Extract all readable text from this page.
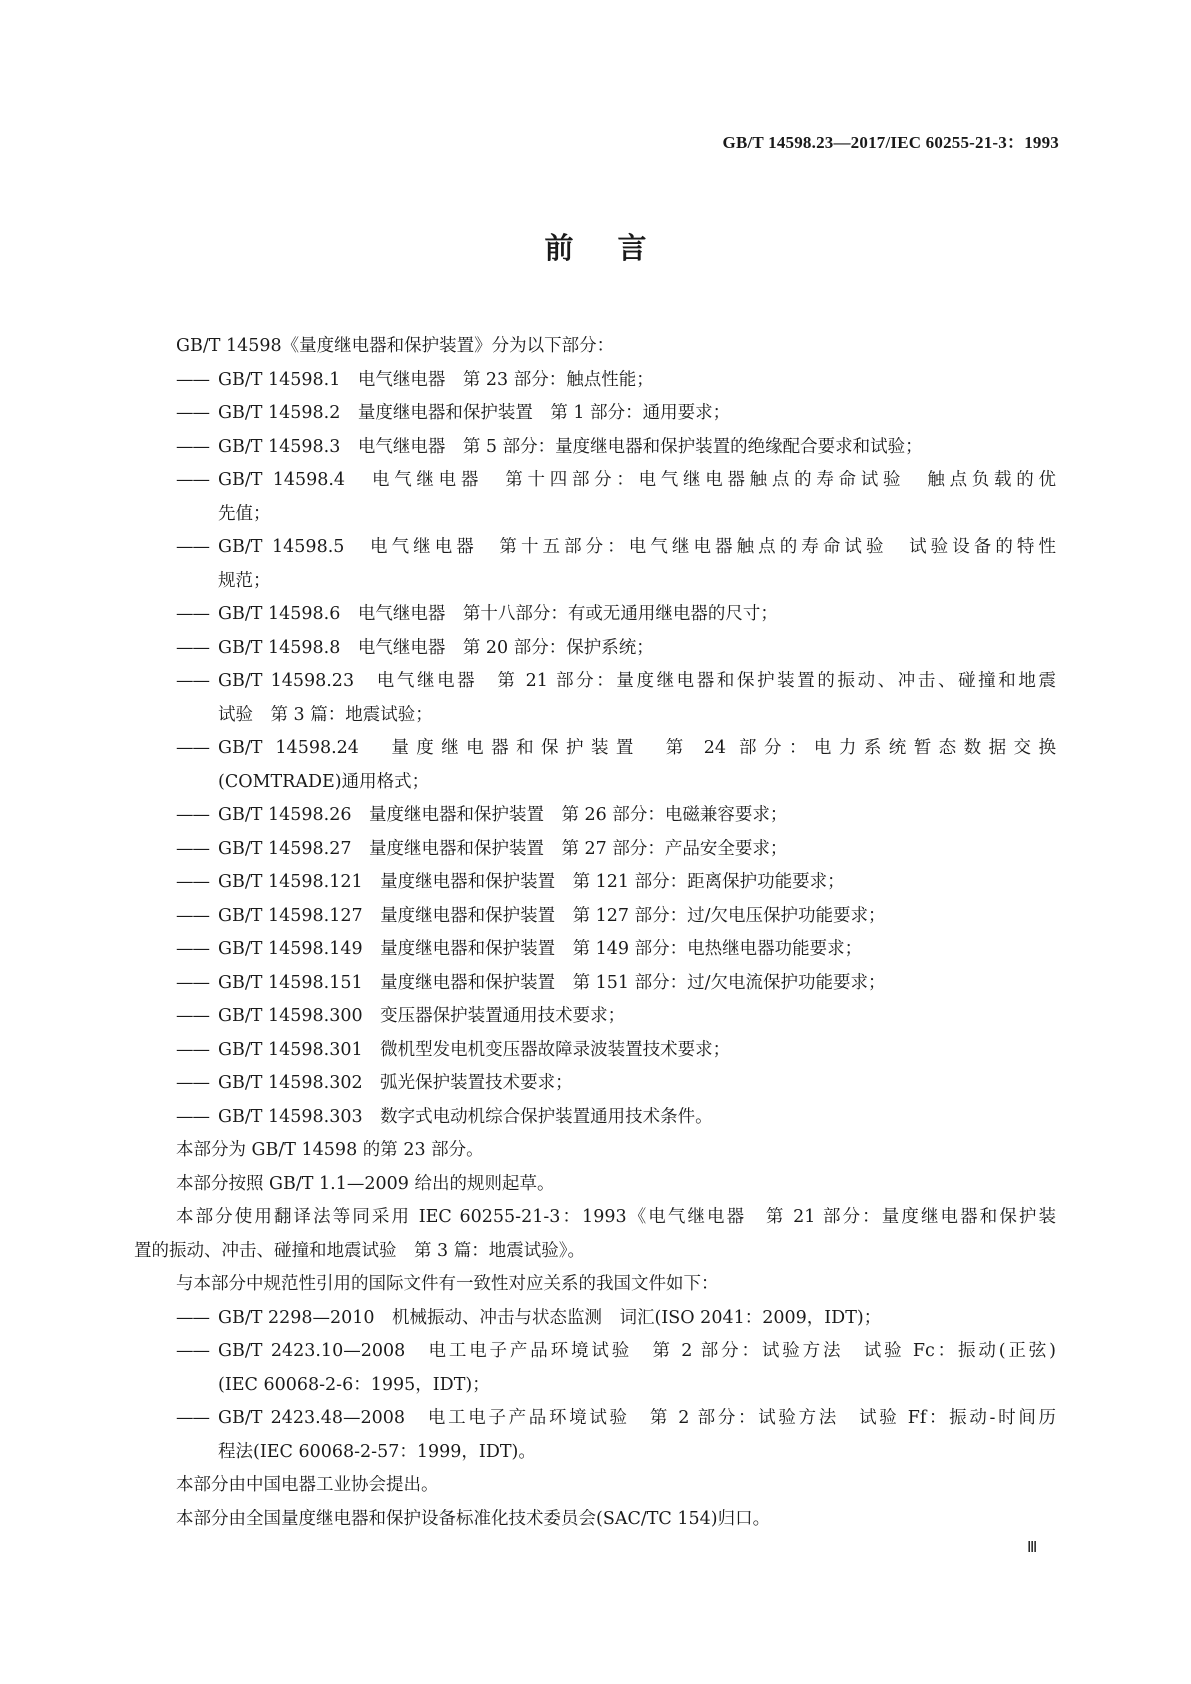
GB/T 14598.23—2017/IEC 60255-21-3：1993
前言

GB/T 14598《量度继电器和保护装置》分为以下部分：

—— GB/T 14598.1　电气继电器　第 23 部分：触点性能；
—— GB/T 14598.2　量度继电器和保护装置　第 1 部分：通用要求；
—— GB/T 14598.3　电气继电器　第 5 部分：量度继电器和保护装置的绝缘配合要求和试验；
—— GB/T 14598.4　电气继电器　第十四部分：电气继电器触点的寿命试验　触点负载的优
先值；
—— GB/T 14598.5　电气继电器　第十五部分：电气继电器触点的寿命试验　试验设备的特性
规范；
—— GB/T 14598.6　电气继电器　第十八部分：有或无通用继电器的尺寸；
—— GB/T 14598.8　电气继电器　第 20 部分：保护系统；
—— GB/T 14598.23　电气继电器　第 21 部分：量度继电器和保护装置的振动、冲击、碰撞和地震
试验　第 3 篇：地震试验；
—— GB/T 14598.24　量度继电器和保护装置　第 24 部分：电力系统暂态数据交换
(COMTRADE)通用格式；
—— GB/T 14598.26　量度继电器和保护装置　第 26 部分：电磁兼容要求；
—— GB/T 14598.27　量度继电器和保护装置　第 27 部分：产品安全要求；
—— GB/T 14598.121　量度继电器和保护装置　第 121 部分：距离保护功能要求；
—— GB/T 14598.127　量度继电器和保护装置　第 127 部分：过/欠电压保护功能要求；
—— GB/T 14598.149　量度继电器和保护装置　第 149 部分：电热继电器功能要求；
—— GB/T 14598.151　量度继电器和保护装置　第 151 部分：过/欠电流保护功能要求；
—— GB/T 14598.300　变压器保护装置通用技术要求；
—— GB/T 14598.301　微机型发电机变压器故障录波装置技术要求；
—— GB/T 14598.302　弧光保护装置技术要求；
—— GB/T 14598.303　数字式电动机综合保护装置通用技术条件。

本部分为 GB/T 14598 的第 23 部分。

本部分按照 GB/T 1.1—2009 给出的规则起草。

本部分使用翻译法等同采用 IEC 60255-21-3：1993《电气继电器　第 21 部分：量度继电器和保护装
置的振动、冲击、碰撞和地震试验　第 3 篇：地震试验》。

与本部分中规范性引用的国际文件有一致性对应关系的我国文件如下：

—— GB/T 2298—2010　机械振动、冲击与状态监测　词汇(ISO 2041：2009，IDT)；
—— GB/T 2423.10—2008　电工电子产品环境试验　第 2 部分：试验方法　试验 Fc：振动(正弦)
(IEC 60068-2-6：1995，IDT)；
—— GB/T 2423.48—2008　电工电子产品环境试验　第 2 部分：试验方法　试验 Ff：振动-时间历
程法(IEC 60068-2-57：1999，IDT)。

本部分由中国电器工业协会提出。

本部分由全国量度继电器和保护设备标准化技术委员会(SAC/TC 154)归口。

Ⅲ
